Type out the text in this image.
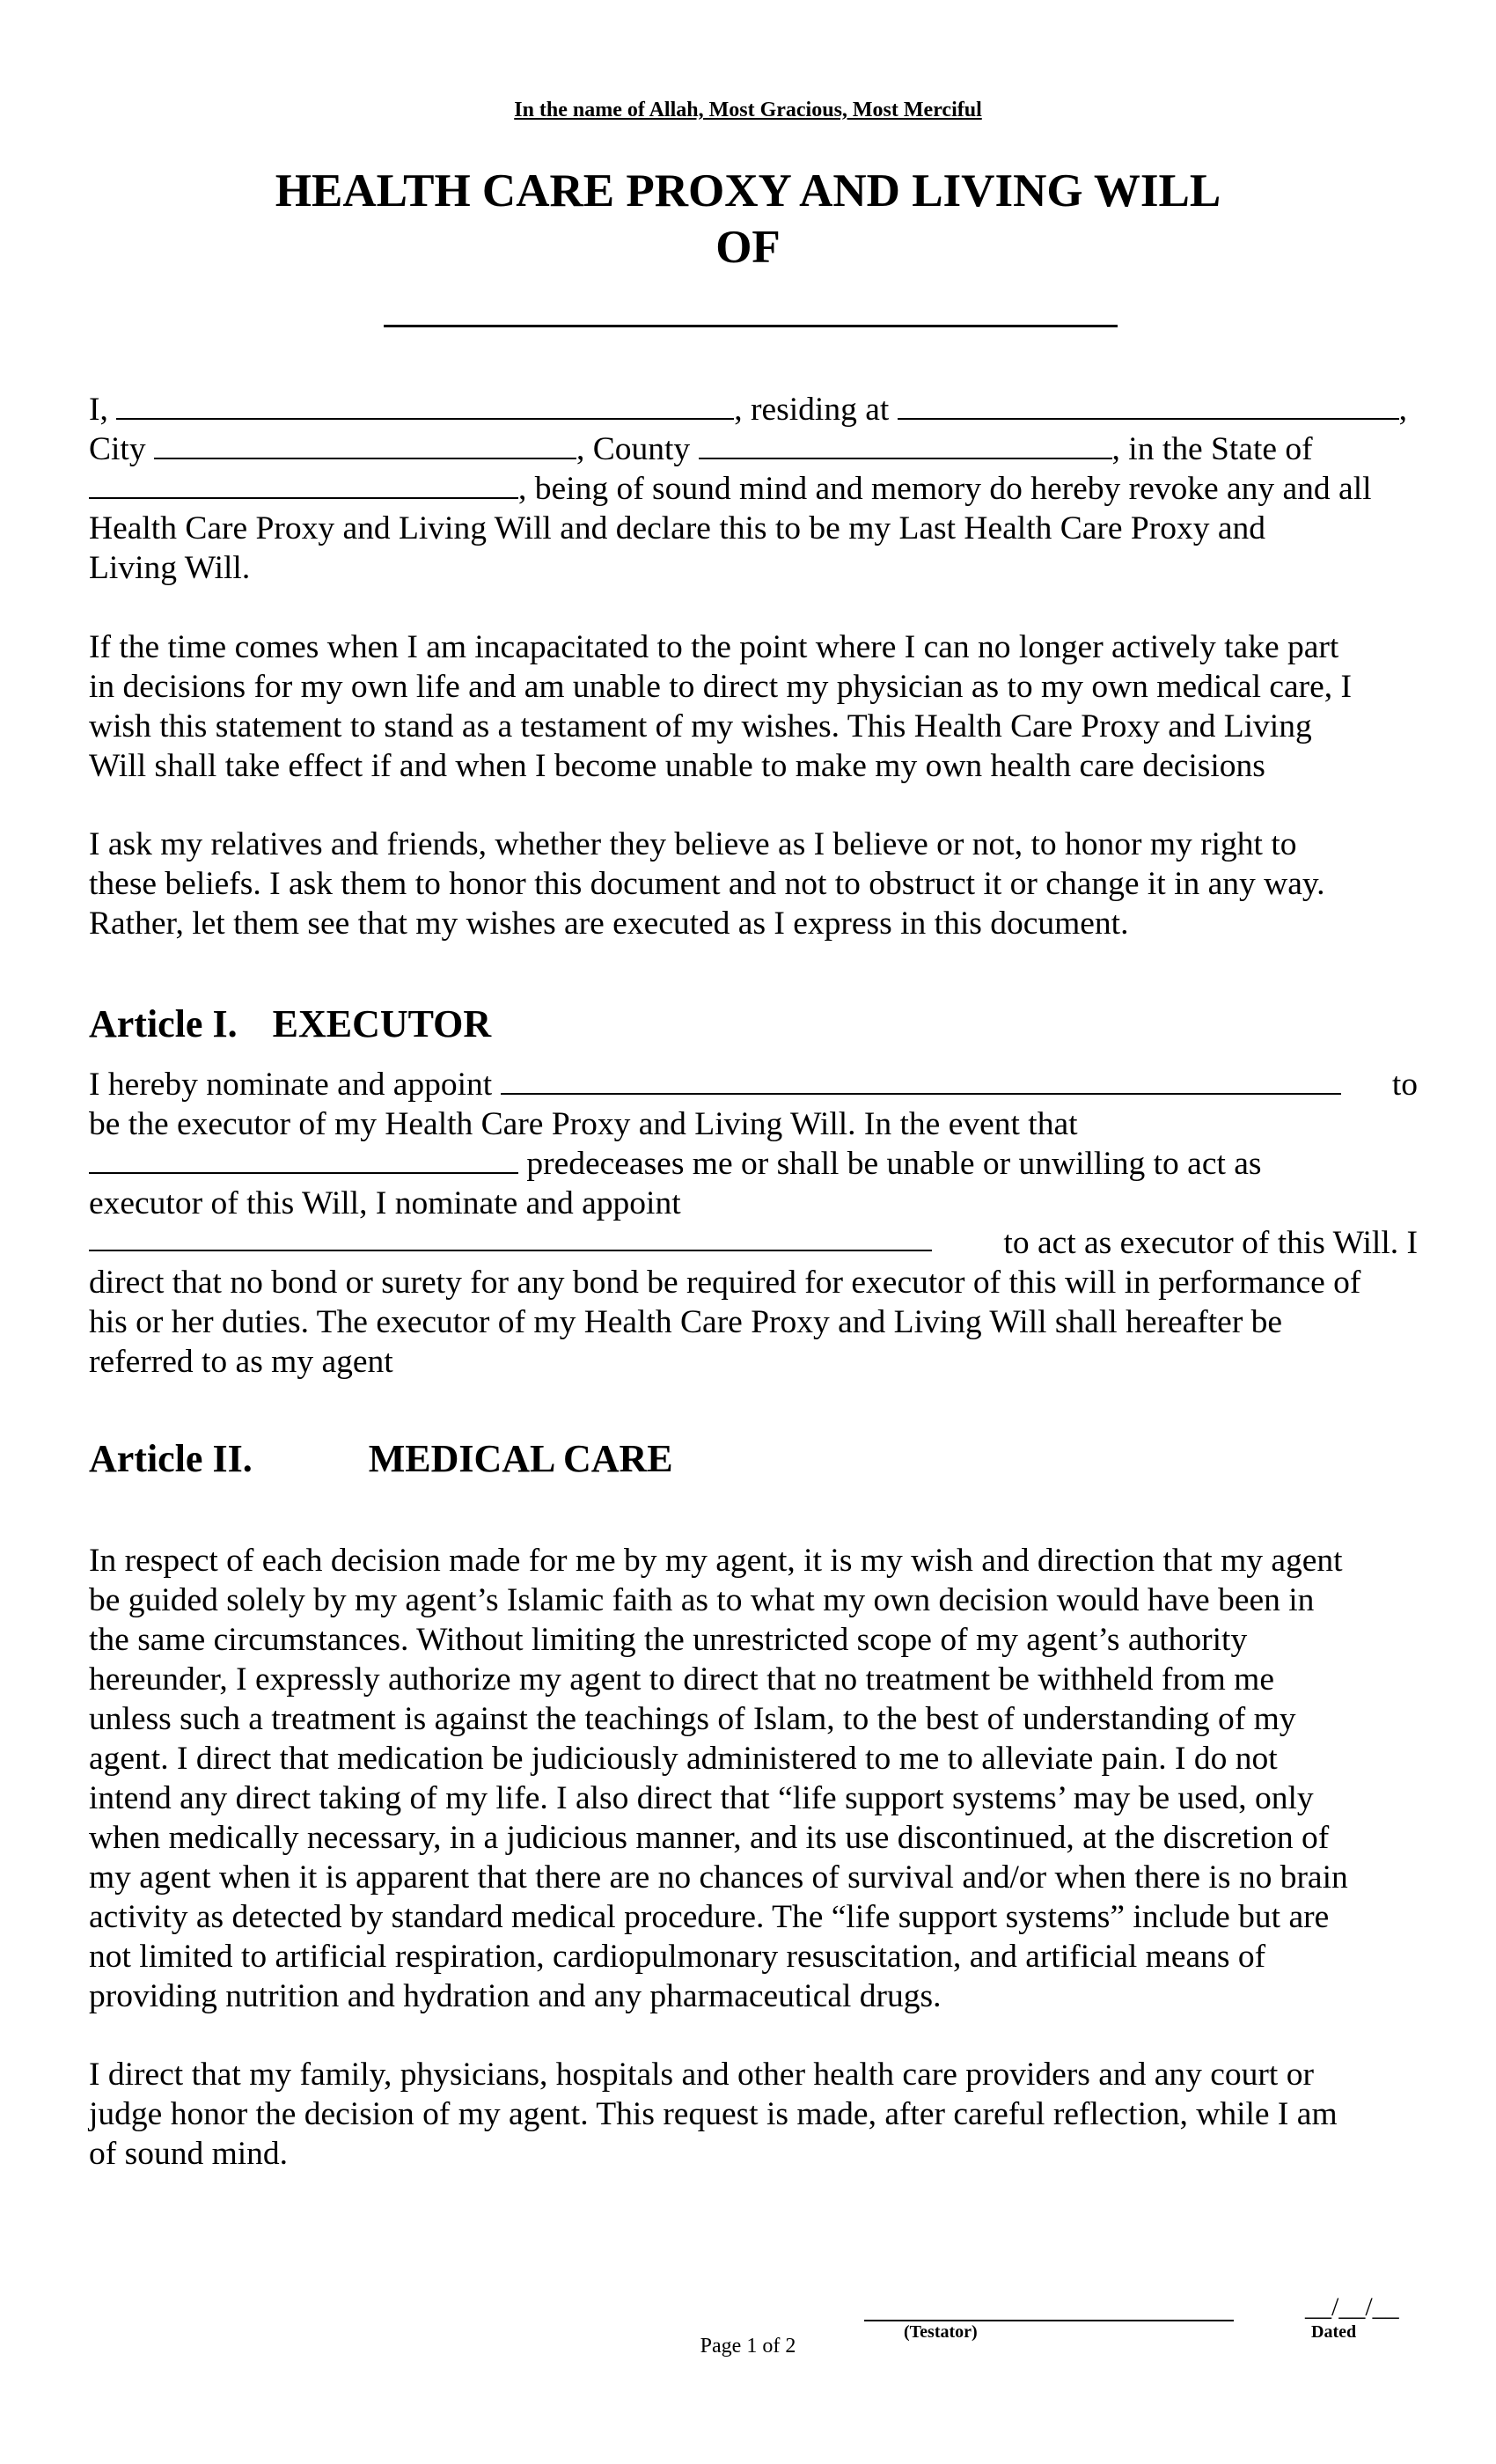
In the name of Allah, Most Gracious, Most Merciful
HEALTH CARE PROXY AND LIVING WILL
OF
I,	, residing at	,
City	, County	, in the State of
, being of sound mind and memory do hereby revoke any and all
Health Care Proxy and Living Will and declare this to be my Last Health Care Proxy and
Living Will.
If the time comes when I am incapacitated to the point where I can no longer actively take part
in decisions for my own life and am unable to direct my physician as to my own medical care, I
wish this statement to stand as a testament of my wishes. This Health Care Proxy and Living
Will shall take effect if and when I become unable to make my own health care decisions
I ask my relatives and friends, whether they believe as I believe or not, to honor my right to
these beliefs. I ask them to honor this document and not to obstruct it or change it in any way.
Rather, let them see that my wishes are executed as I express in this document.
Article I. EXECUTOR
I hereby nominate and appoint	to
be the executor of my Health Care Proxy and Living Will. In the event that
predeceases me or shall be unable or unwilling to act as
executor of this Will, I nominate and appoint
to act as executor of this Will. I
direct that no bond or surety for any bond be required for executor of this will in performance of
his or her duties. The executor of my Health Care Proxy and Living Will shall hereafter be
referred to as my agent
Article II.	MEDICAL CARE
In respect of each decision made for me by my agent, it is my wish and direction that my agent
be guided solely by my agent’s Islamic faith as to what my own decision would have been in
the same circumstances. Without limiting the unrestricted scope of my agent’s authority
hereunder, I expressly authorize my agent to direct that no treatment be withheld from me
unless such a treatment is against the teachings of Islam, to the best of understanding of my
agent. I direct that medication be judiciously administered to me to alleviate pain. I do not
intend any direct taking of my life. I also direct that “life support systems’ may be used, only
when medically necessary, in a judicious manner, and its use discontinued, at the discretion of
my agent when it is apparent that there are no chances of survival and/or when there is no brain
activity as detected by standard medical procedure. The “life support systems” include but are
not limited to artificial respiration, cardiopulmonary resuscitation, and artificial means of
providing nutrition and hydration and any pharmaceutical drugs.
I direct that my family, physicians, hospitals and other health care providers and any court or
judge honor the decision of my agent. This request is made, after careful reflection, while I am
of sound mind.
(Testator)
__/__/__
Dated
Page 1 of 2
